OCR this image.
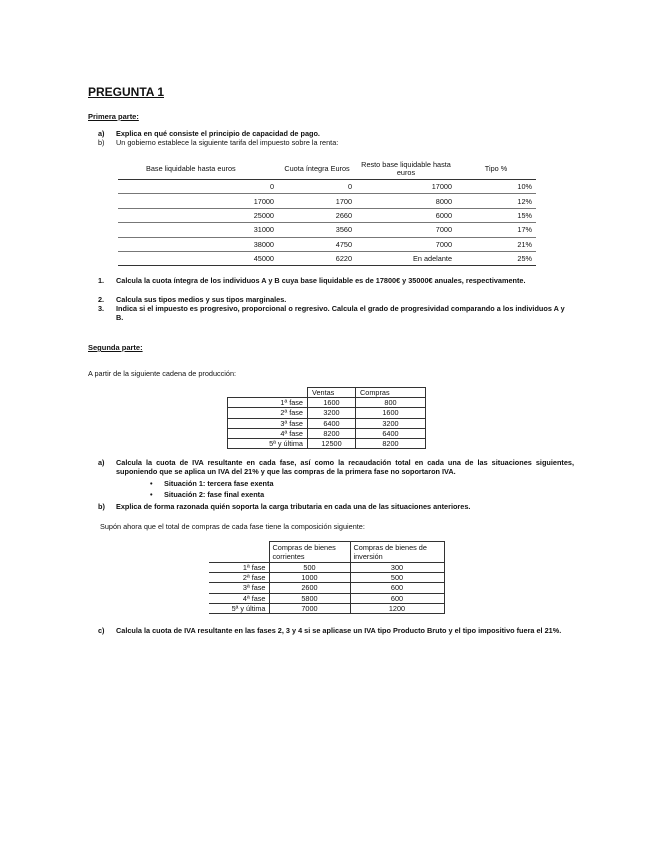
PREGUNTA 1
Primera parte:
a) Explica en qué consiste el principio de capacidad de pago.
b) Un gobierno establece la siguiente tarifa del impuesto sobre la renta:
Base liquidable hasta euros	Cuota íntegra Euros	Resto base liquidable hasta euros	Tipo %
0	0	17000	10%
17000	1700	8000	12%
25000	2660	6000	15%
31000	3560	7000	17%
38000	4750	7000	21%
45000	6220	En adelante	25%
1. Calcula la cuota íntegra de los individuos A y B cuya base liquidable es de 17800€ y 35000€ anuales, respectivamente.
2. Calcula sus tipos medios y sus tipos marginales.
3. Indica si el impuesto es progresivo, proporcional o regresivo. Calcula el grado de progresividad comparando a los individuos A y B.
Segunda parte:
A partir de la siguiente cadena de producción:
	Ventas	Compras
1ª fase	1600	800
2ª fase	3200	1600
3ª fase	6400	3200
4ª fase	8200	6400
5ª y última	12500	8200
a) Calcula la cuota de IVA resultante en cada fase, así como la recaudación total en cada una de las situaciones siguientes, suponiendo que se aplica un IVA del 21% y que las compras de la primera fase no soportaron IVA.
• Situación 1: tercera fase exenta
• Situación 2: fase final exenta
b) Explica de forma razonada quién soporta la carga tributaria en cada una de las situaciones anteriores.
Supón ahora que el total de compras de cada fase tiene la composición siguiente:
	Compras de bienes corrientes	Compras de bienes de inversión
1ª fase	500	300
2ª fase	1000	500
3ª fase	2600	600
4ª fase	5800	600
5ª y última	7000	1200
c) Calcula la cuota de IVA resultante en las fases 2, 3 y 4 si se aplicase un IVA tipo Producto Bruto y el tipo impositivo fuera el 21%.
